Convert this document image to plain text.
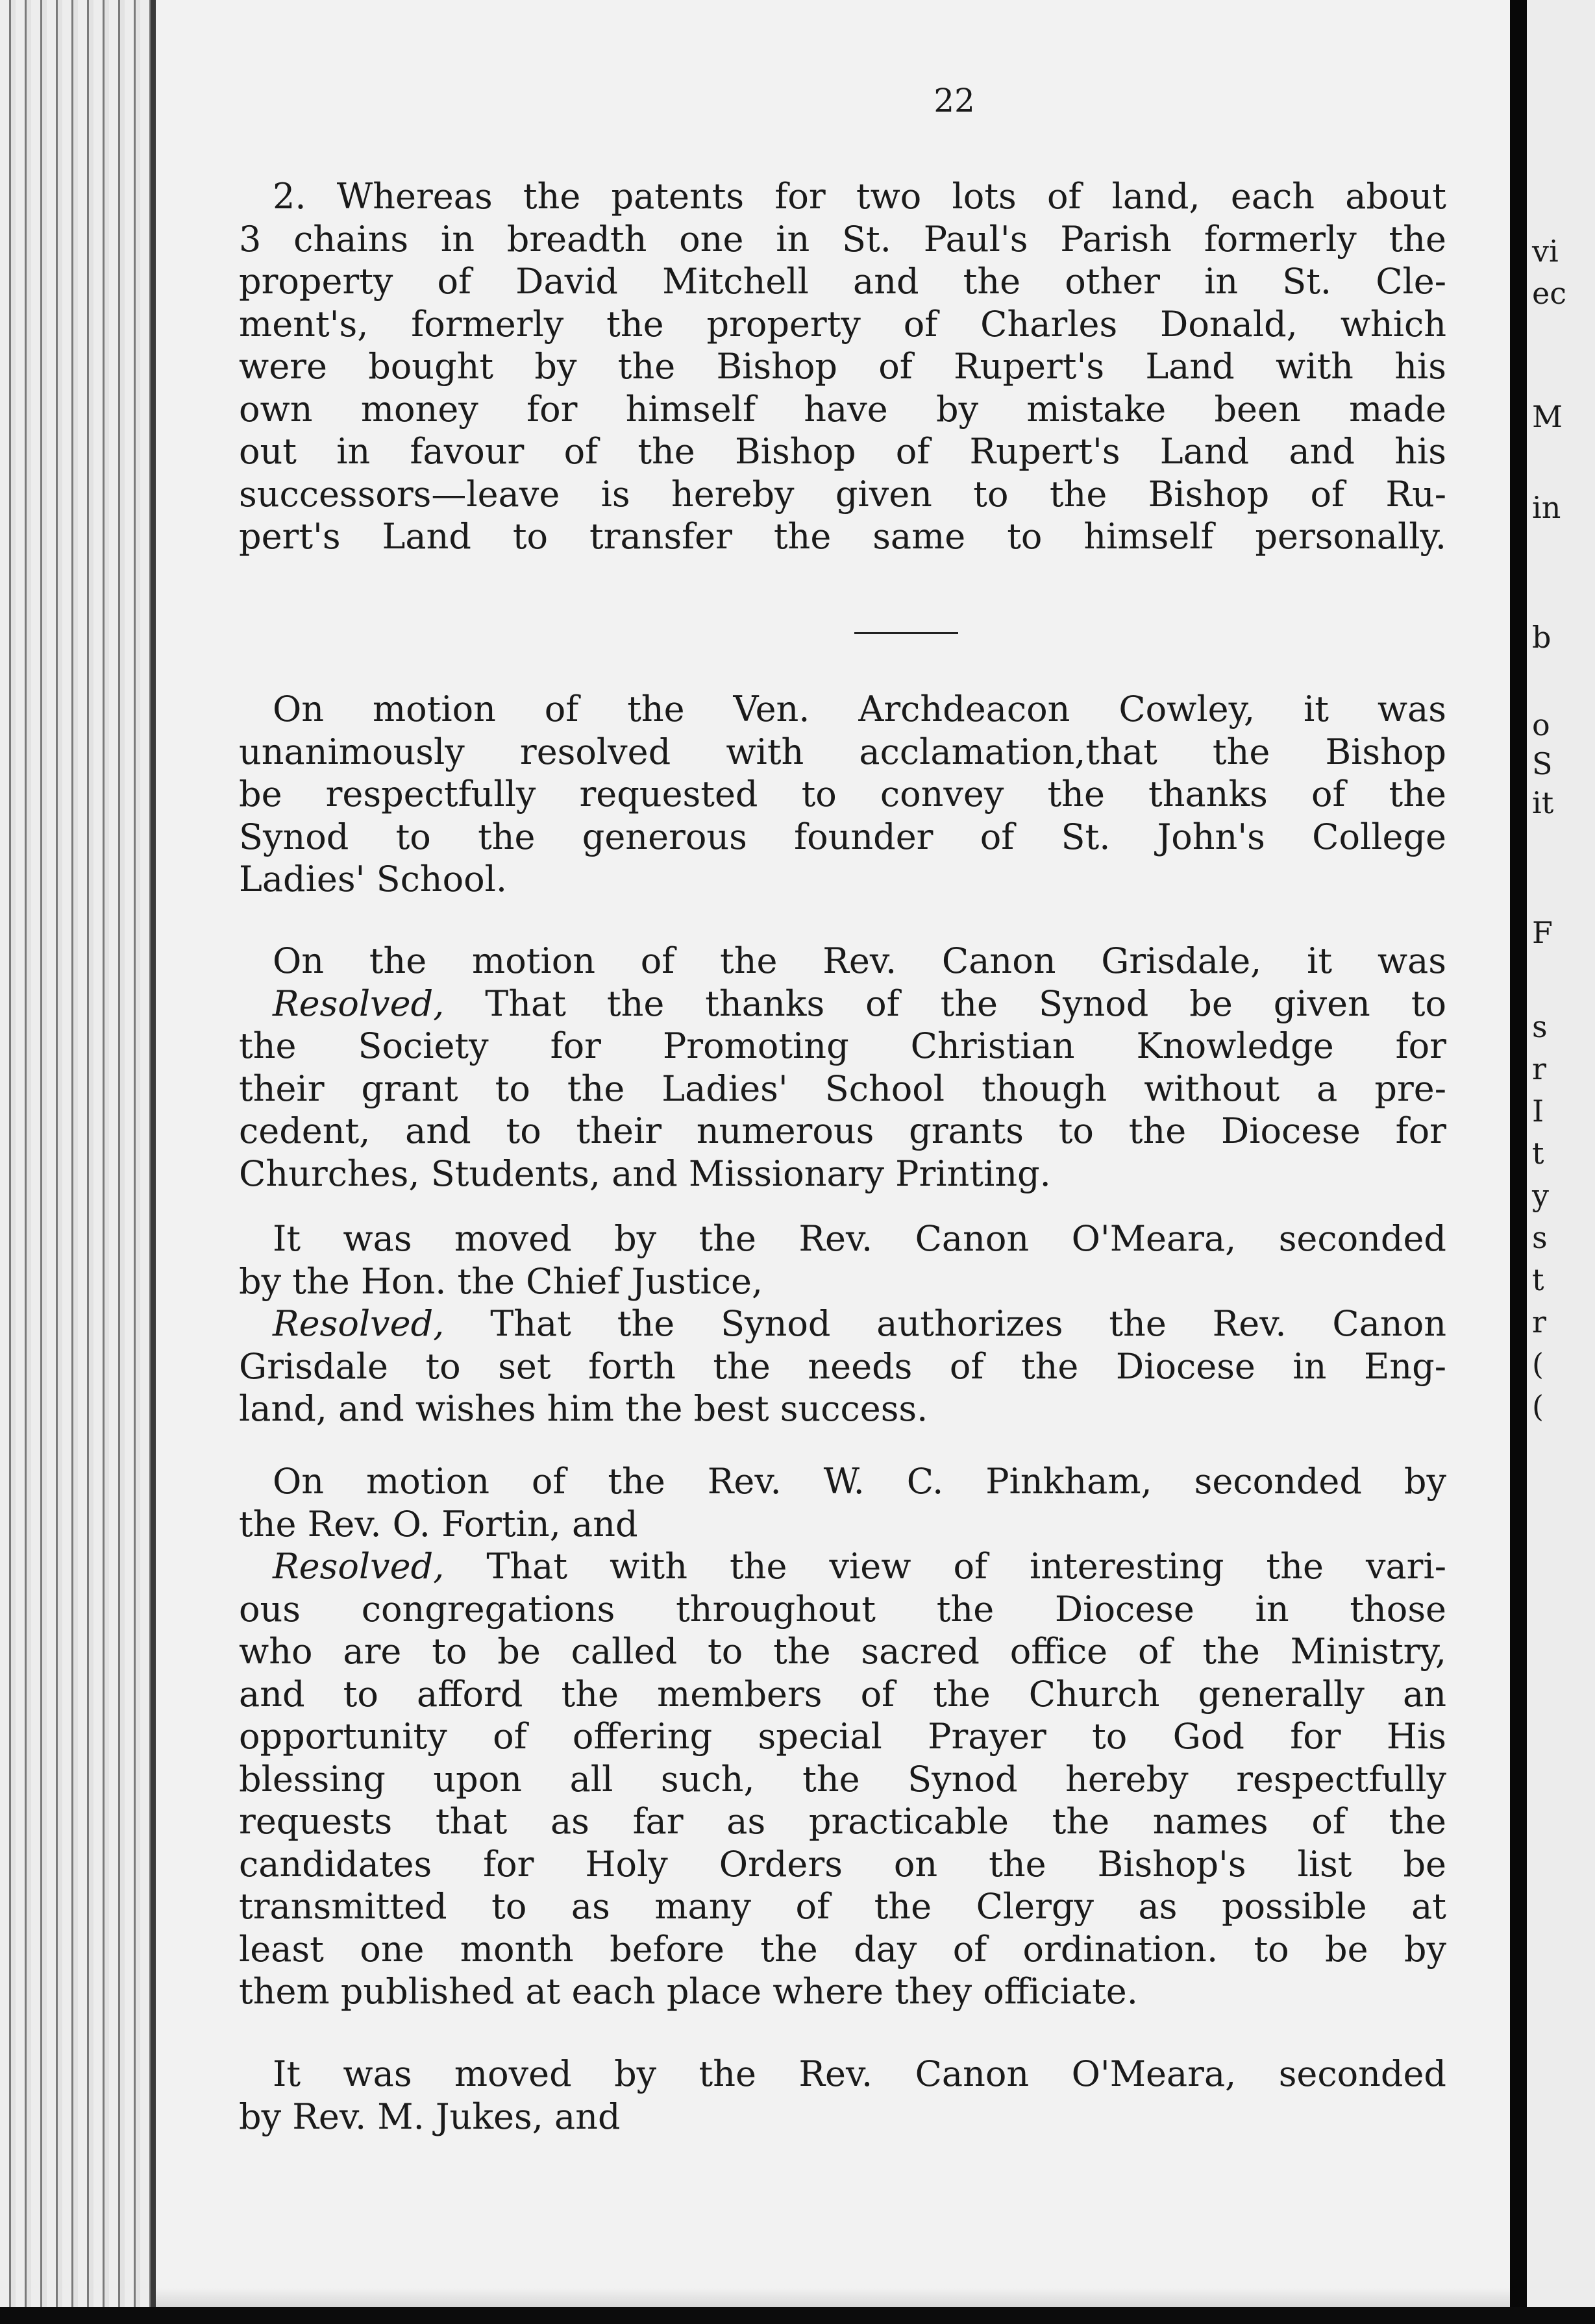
22
2. Whereas the patents for two lots of land, each about
3 chains in breadth one in St. Paul's Parish formerly the
property of David Mitchell and the other in St. Cle-
ment's, formerly the property of Charles Donald, which
were bought by the Bishop of Rupert's Land with his
own money for himself have by mistake been made
out in favour of the Bishop of Rupert's Land and his
successors—leave is hereby given to the Bishop of Ru-
pert's Land to transfer the same to himself personally.
On motion of the Ven. Archdeacon Cowley, it was
unanimously resolved with acclamation,that the Bishop
be respectfully requested to convey the thanks of the
Synod to the generous founder of St. John's College
Ladies' School.
On the motion of the Rev. Canon Grisdale, it was
Resolved, That the thanks of the Synod be given to
the Society for Promoting Christian Knowledge for
their grant to the Ladies' School though without a pre-
cedent, and to their numerous grants to the Diocese for
Churches, Students, and Missionary Printing.
It was moved by the Rev. Canon O'Meara, seconded
by the Hon. the Chief Justice,
Resolved, That the Synod authorizes the Rev. Canon
Grisdale to set forth the needs of the Diocese in Eng-
land, and wishes him the best success.
On motion of the Rev. W. C. Pinkham, seconded by
the Rev. O. Fortin, and
Resolved, That with the view of interesting the vari-
ous congregations throughout the Diocese in those
who are to be called to the sacred office of the Ministry,
and to afford the members of the Church generally an
opportunity of offering special Prayer to God for His
blessing upon all such, the Synod hereby respectfully
requests that as far as practicable the names of the
candidates for Holy Orders on the Bishop's list be
transmitted to as many of the Clergy as possible at
least one month before the day of ordination. to be by
them published at each place where they officiate.
It was moved by the Rev. Canon O'Meara, seconded
by Rev. M. Jukes, and
vi
ec
M
in
b
o
S
it
F
s
r
I
t
y
s
t
r
(
(
